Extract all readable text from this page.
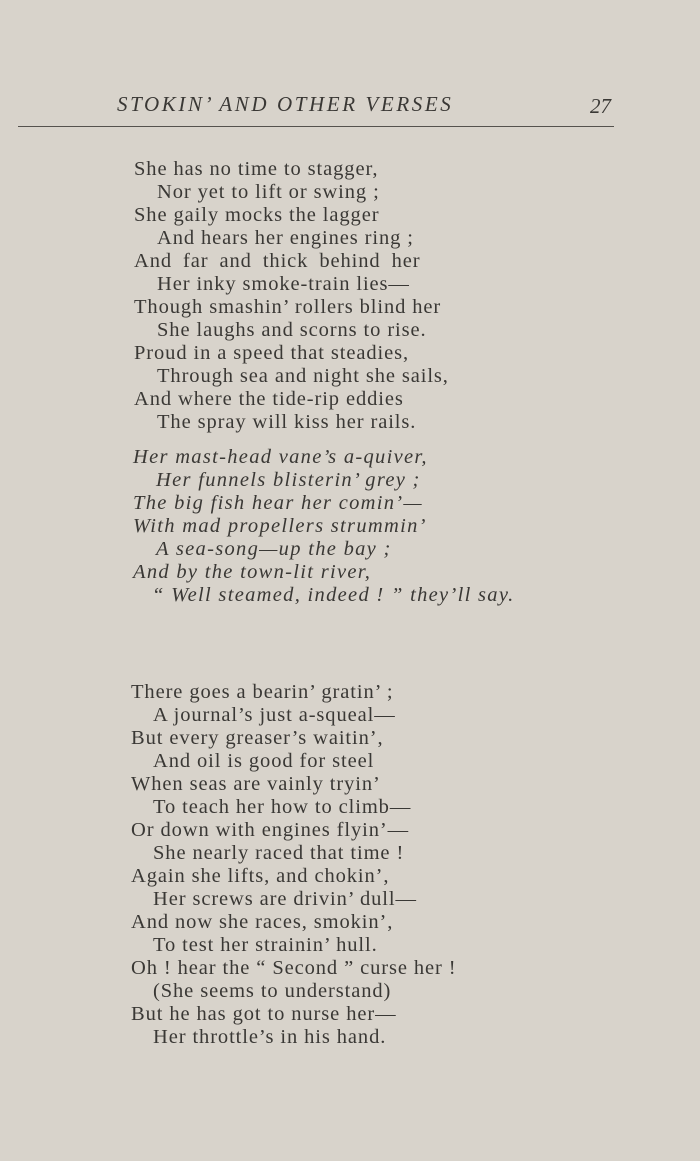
STOKIN’ AND OTHER VERSES	27
She has no time to stagger,
Nor yet to lift or swing ;
She gaily mocks the lagger
And hears her engines ring ;
And far and thick behind her
Her inky smoke-train lies—
Though smashin’ rollers blind her
She laughs and scorns to rise.
Proud in a speed that steadies,
Through sea and night she sails,
And where the tide-rip eddies
The spray will kiss her rails.
Her mast-head vane’s a-quiver,
Her funnels blisterin’ grey ;
The big fish hear her comin’—
With mad propellers strummin’
A sea-song—up the bay ;
And by the town-lit river,
“ Well steamed, indeed ! ” they’ll say.
There goes a bearin’ gratin’ ;
A journal’s just a-squeal—
But every greaser’s waitin’,
And oil is good for steel
When seas are vainly tryin’
To teach her how to climb—
Or down with engines flyin’—
She nearly raced that time !
Again she lifts, and chokin’,
Her screws are drivin’ dull—
And now she races, smokin’,
To test her strainin’ hull.
Oh ! hear the “ Second ” curse her !
(She seems to understand)
But he has got to nurse her—
Her throttle’s in his hand.
